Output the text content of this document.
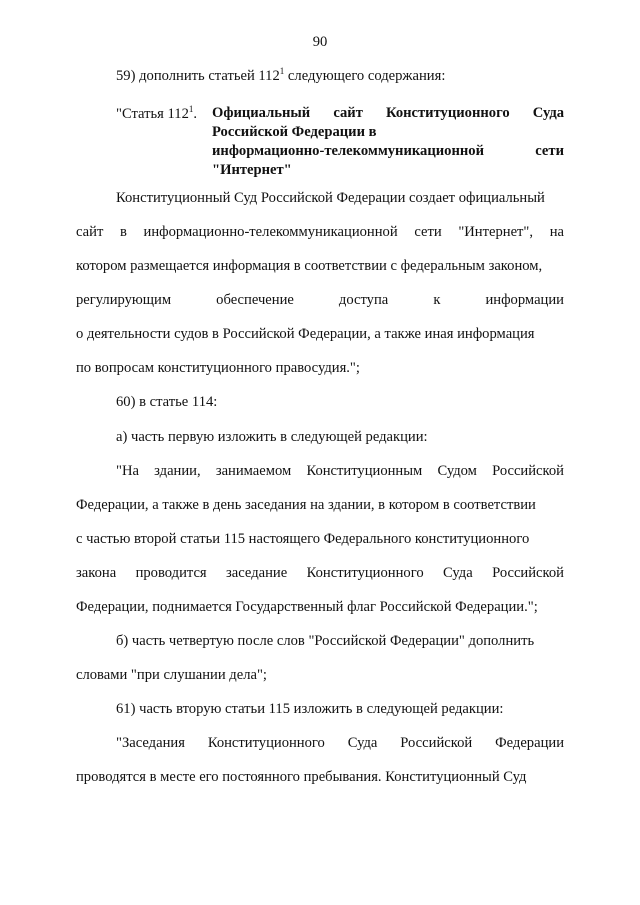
90
59) дополнить статьей $112^1$ следующего содержания:
"Статья $112^1$. Официальный сайт Конституционного Суда
Российской Федерации в
информационно-телекоммуникационной	сети
"Интернет"
Конституционный Суд Российской Федерации создает официальный
сайт в информационно-телекоммуникационной сети "Интернет", на
котором размещается информация в соответствии с федеральным законом,
регулирующим	обеспечение	доступа	к	информации
о деятельности судов в Российской Федерации, а также иная информация
по вопросам конституционного правосудия.";
60) в статье 114:
а) часть первую изложить в следующей редакции:
"На здании, занимаемом Конституционным Судом Российской
Федерации, а также в день заседания на здании, в котором в соответствии
с частью второй статьи 115 настоящего Федерального конституционного
закона проводится заседание Конституционного Суда Российской
Федерации, поднимается Государственный флаг Российской Федерации.";
б) часть четвертую после слов "Российской Федерации" дополнить
словами "при слушании дела";
61) часть вторую статьи 115 изложить в следующей редакции:
"Заседания Конституционного Суда Российской Федерации
проводятся в месте его постоянного пребывания. Конституционный Суд
